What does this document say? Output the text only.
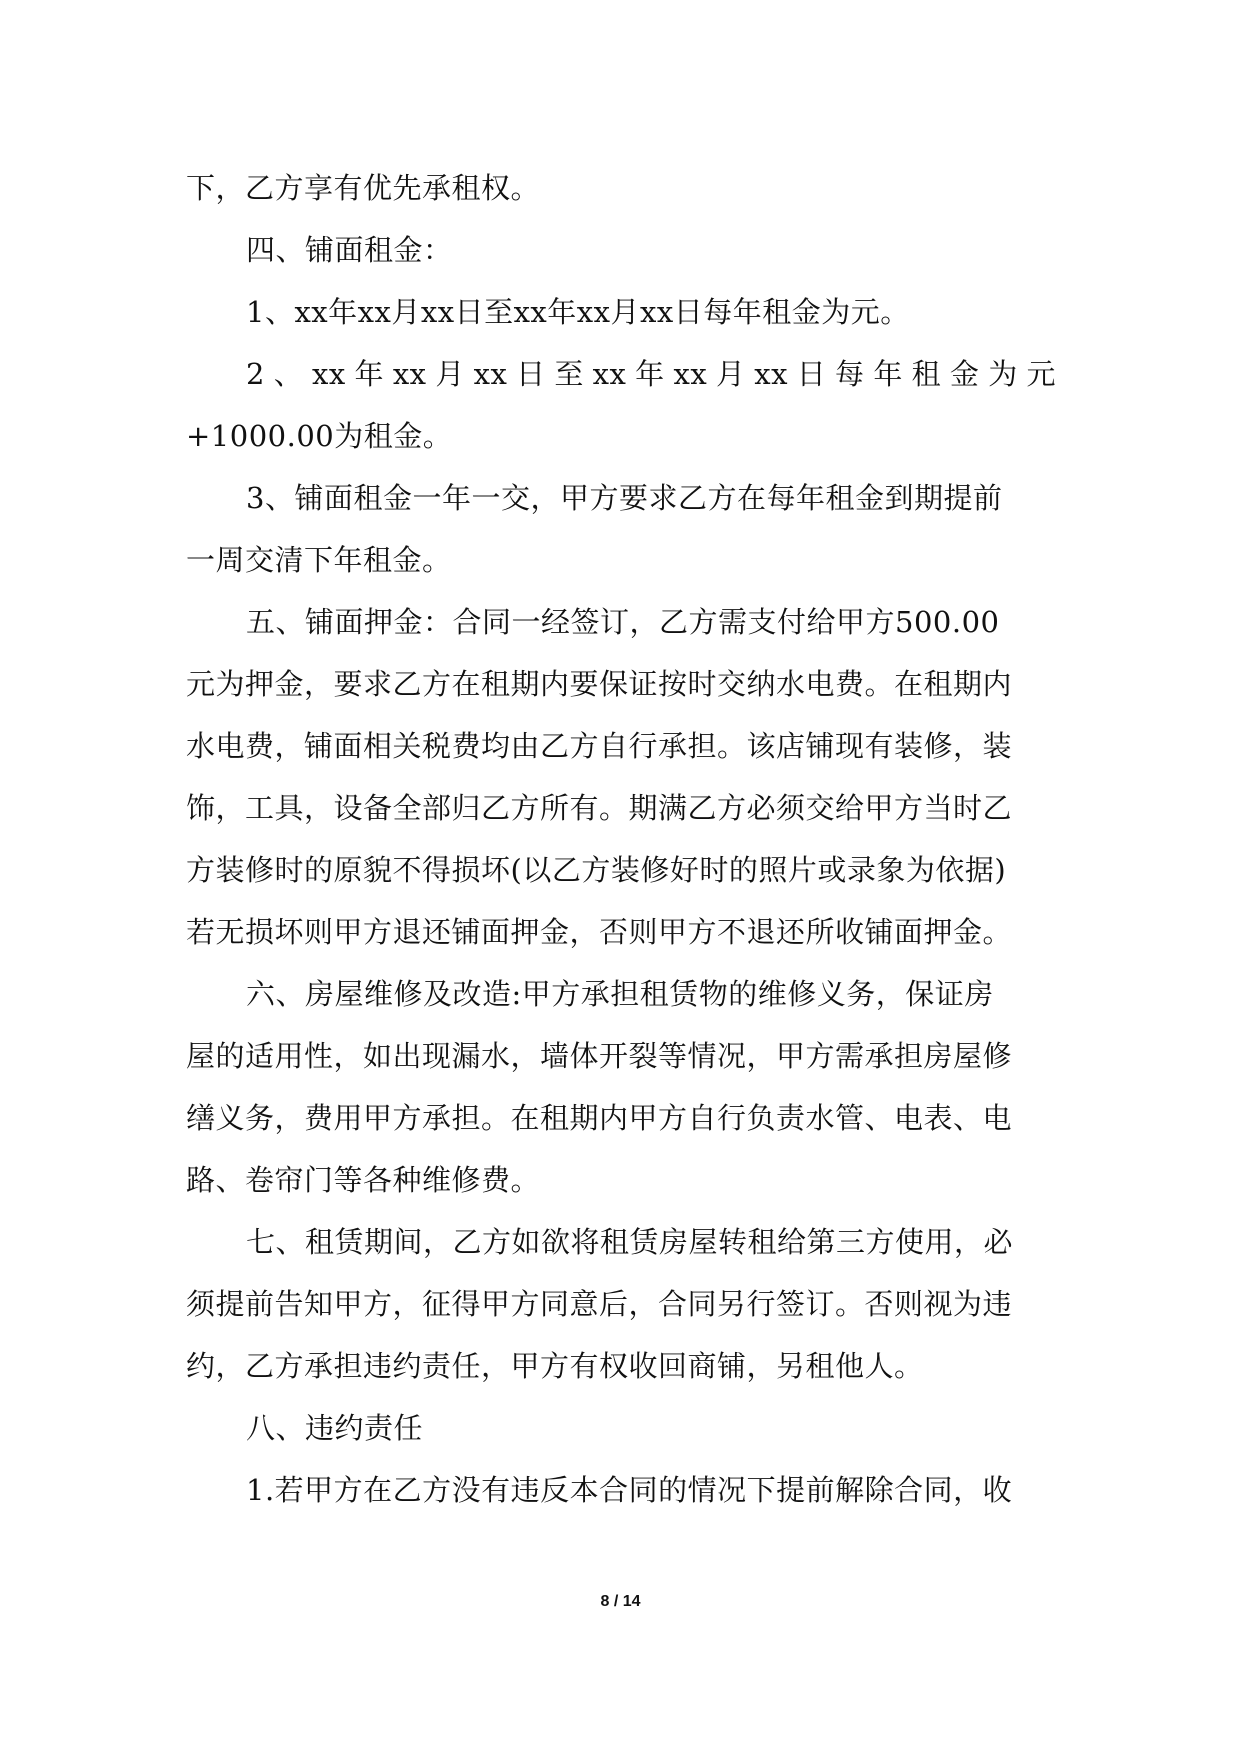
下，乙方享有优先承租权。
四、铺面租金：
1、xx年xx月xx日至xx年xx月xx日每年租金为元。
2、xx年xx月xx日至xx年xx月xx日每年租金为元
+1000.00为租金。
3、铺面租金一年一交，甲方要求乙方在每年租金到期提前
一周交清下年租金。
五、铺面押金：合同一经签订，乙方需支付给甲方500.00
元为押金，要求乙方在租期内要保证按时交纳水电费。在租期内
水电费，铺面相关税费均由乙方自行承担。该店铺现有装修，装
饰，工具，设备全部归乙方所有。期满乙方必须交给甲方当时乙
方装修时的原貌不得损坏(以乙方装修好时的照片或录象为依据)
若无损坏则甲方退还铺面押金，否则甲方不退还所收铺面押金。
六、房屋维修及改造:甲方承担租赁物的维修义务，保证房
屋的适用性，如出现漏水，墙体开裂等情况，甲方需承担房屋修
缮义务，费用甲方承担。在租期内甲方自行负责水管、电表、电
路、卷帘门等各种维修费。
七、租赁期间，乙方如欲将租赁房屋转租给第三方使用，必
须提前告知甲方，征得甲方同意后，合同另行签订。否则视为违
约，乙方承担违约责任，甲方有权收回商铺，另租他人。
八、违约责任
1.若甲方在乙方没有违反本合同的情况下提前解除合同，收
8 / 14
